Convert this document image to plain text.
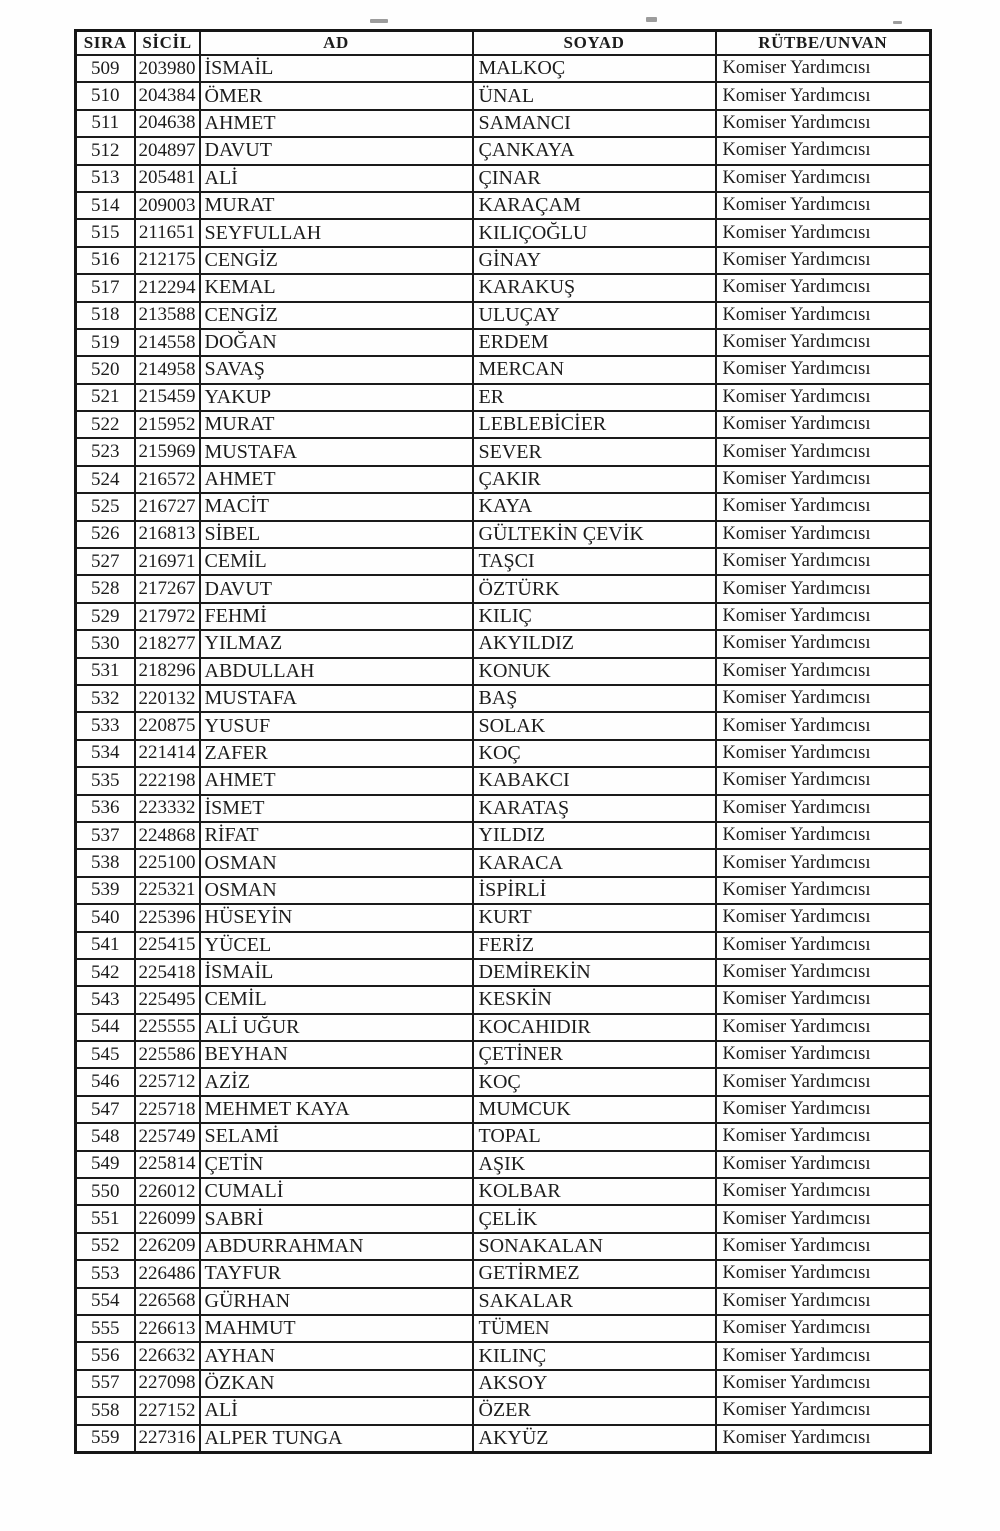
SIRA	SİCİL	AD	SOYAD	RÜTBE/UNVAN
509	203980	İSMAİL	MALKOÇ	Komiser Yardımcısı
510	204384	ÖMER	ÜNAL	Komiser Yardımcısı
511	204638	AHMET	SAMANCI	Komiser Yardımcısı
512	204897	DAVUT	ÇANKAYA	Komiser Yardımcısı
513	205481	ALİ	ÇINAR	Komiser Yardımcısı
514	209003	MURAT	KARAÇAM	Komiser Yardımcısı
515	211651	SEYFULLAH	KILIÇOĞLU	Komiser Yardımcısı
516	212175	CENGİZ	GİNAY	Komiser Yardımcısı
517	212294	KEMAL	KARAKUŞ	Komiser Yardımcısı
518	213588	CENGİZ	ULUÇAY	Komiser Yardımcısı
519	214558	DOĞAN	ERDEM	Komiser Yardımcısı
520	214958	SAVAŞ	MERCAN	Komiser Yardımcısı
521	215459	YAKUP	ER	Komiser Yardımcısı
522	215952	MURAT	LEBLEBİCİER	Komiser Yardımcısı
523	215969	MUSTAFA	SEVER	Komiser Yardımcısı
524	216572	AHMET	ÇAKIR	Komiser Yardımcısı
525	216727	MACİT	KAYA	Komiser Yardımcısı
526	216813	SİBEL	GÜLTEKİN ÇEVİK	Komiser Yardımcısı
527	216971	CEMİL	TAŞCI	Komiser Yardımcısı
528	217267	DAVUT	ÖZTÜRK	Komiser Yardımcısı
529	217972	FEHMİ	KILIÇ	Komiser Yardımcısı
530	218277	YILMAZ	AKYILDIZ	Komiser Yardımcısı
531	218296	ABDULLAH	KONUK	Komiser Yardımcısı
532	220132	MUSTAFA	BAŞ	Komiser Yardımcısı
533	220875	YUSUF	SOLAK	Komiser Yardımcısı
534	221414	ZAFER	KOÇ	Komiser Yardımcısı
535	222198	AHMET	KABAKCI	Komiser Yardımcısı
536	223332	İSMET	KARATAŞ	Komiser Yardımcısı
537	224868	RİFAT	YILDIZ	Komiser Yardımcısı
538	225100	OSMAN	KARACA	Komiser Yardımcısı
539	225321	OSMAN	İSPİRLİ	Komiser Yardımcısı
540	225396	HÜSEYİN	KURT	Komiser Yardımcısı
541	225415	YÜCEL	FERİZ	Komiser Yardımcısı
542	225418	İSMAİL	DEMİREKİN	Komiser Yardımcısı
543	225495	CEMİL	KESKİN	Komiser Yardımcısı
544	225555	ALİ UĞUR	KOCAHIDIR	Komiser Yardımcısı
545	225586	BEYHAN	ÇETİNER	Komiser Yardımcısı
546	225712	AZİZ	KOÇ	Komiser Yardımcısı
547	225718	MEHMET KAYA	MUMCUK	Komiser Yardımcısı
548	225749	SELAMİ	TOPAL	Komiser Yardımcısı
549	225814	ÇETİN	AŞIK	Komiser Yardımcısı
550	226012	CUMALİ	KOLBAR	Komiser Yardımcısı
551	226099	SABRİ	ÇELİK	Komiser Yardımcısı
552	226209	ABDURRAHMAN	SONAKALAN	Komiser Yardımcısı
553	226486	TAYFUR	GETİRMEZ	Komiser Yardımcısı
554	226568	GÜRHAN	SAKALAR	Komiser Yardımcısı
555	226613	MAHMUT	TÜMEN	Komiser Yardımcısı
556	226632	AYHAN	KILINÇ	Komiser Yardımcısı
557	227098	ÖZKAN	AKSOY	Komiser Yardımcısı
558	227152	ALİ	ÖZER	Komiser Yardımcısı
559	227316	ALPER TUNGA	AKYÜZ	Komiser Yardımcısı
